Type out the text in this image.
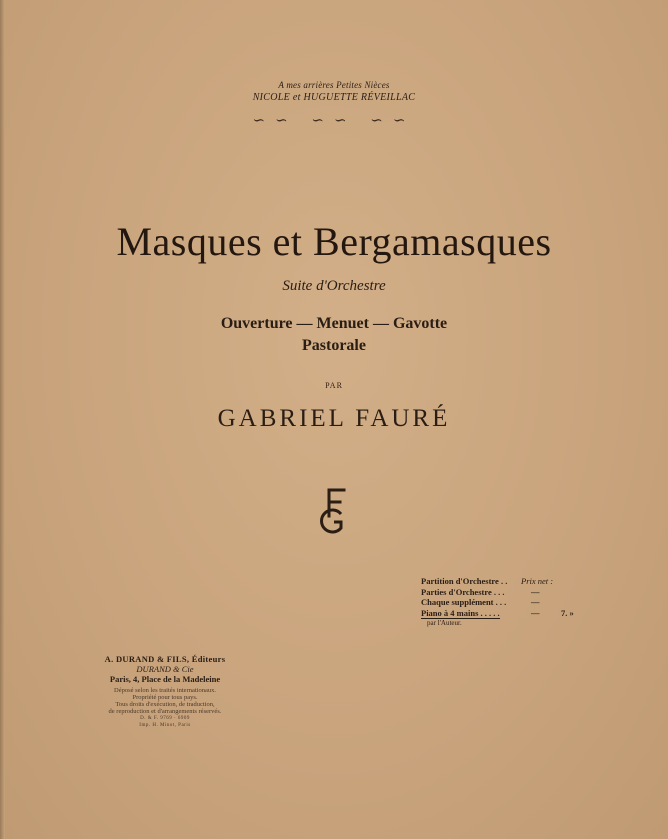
A mes arrières Petites Nièces
NICOLE et HUGUETTE RÉVEILLAC
∽∽ ∽∽ ∽∽
Masques et Bergamasques
Suite d'Orchestre
Ouverture — Menuet — Gavotte
Pastorale
PAR
GABRIEL FAURÉ
Partition d'Orchestre . . Prix net :
Parties d'Orchestre . . .	—
Chaque supplément . . .	—
Piano à 4 mains . . . . .	—	7. »
par l'Auteur.
A. DURAND & FILS, Éditeurs
DURAND & Cie
Paris, 4, Place de la Madeleine
Déposé selon les traités internationaux.
Propriété pour tous pays.
Tous droits d'exécution, de traduction,
de reproduction et d'arrangements réservés.
D. & F. 9769 · 6909
Imp. H. Minot, Paris
